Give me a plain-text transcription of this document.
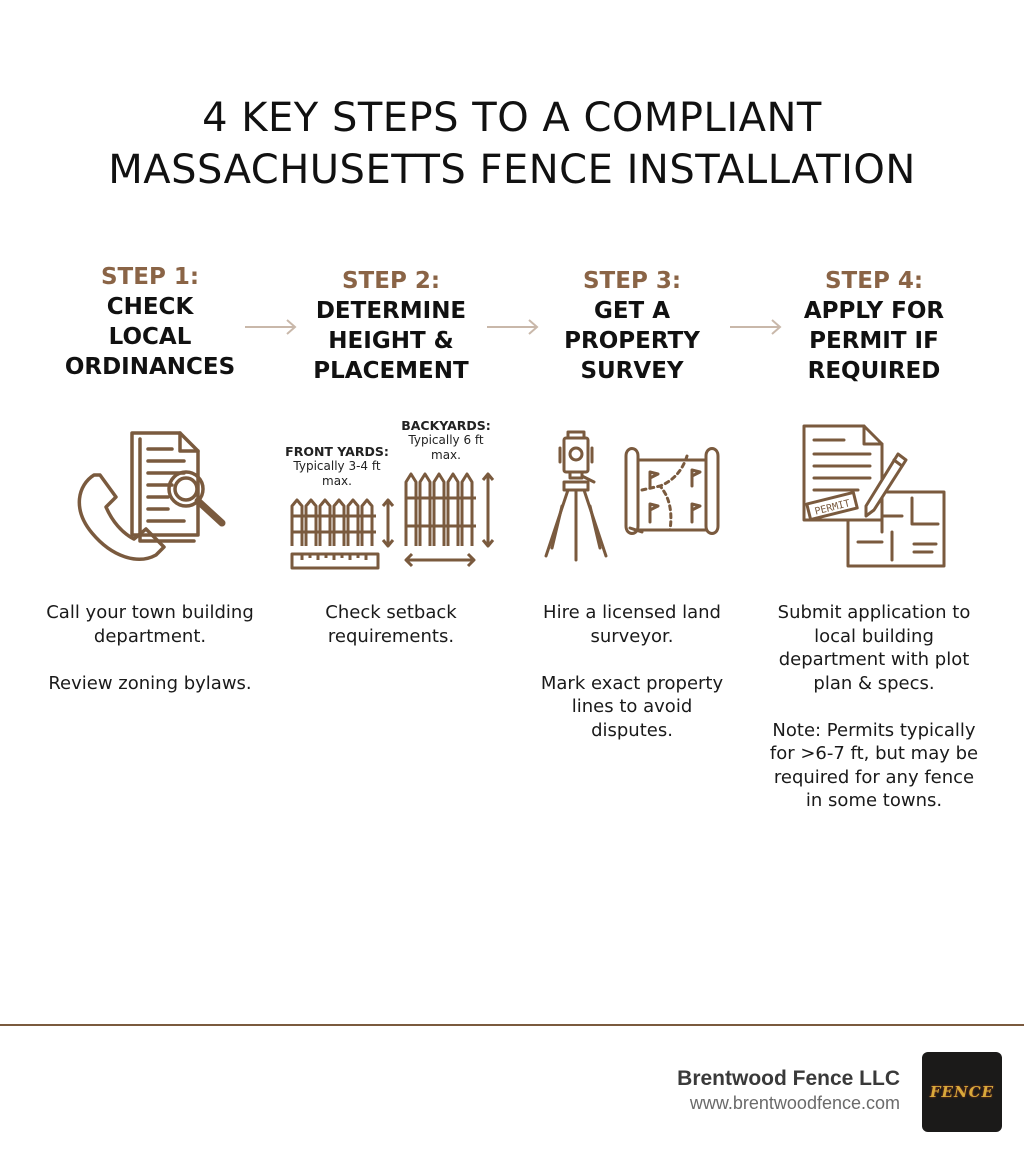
4 KEY STEPS TO A COMPLIANT
MASSACHUSETTS FENCE INSTALLATION
STEP 1:
CHECK
LOCAL
ORDINANCES
STEP 2:
DETERMINE
HEIGHT &
PLACEMENT
STEP 3:
GET A
PROPERTY
SURVEY
STEP 4:
APPLY FOR
PERMIT IF
REQUIRED
FRONT YARDS:
Typically 3-4 ft max.
BACKYARDS:
Typically 6 ft max.
PERMIT

Call your town building department.

Review zoning bylaws.

Check setback requirements.

Hire a licensed land surveyor.

Mark exact property lines to avoid disputes.

Submit application to local building department with plot plan & specs.

Note: Permits typically for >6-7 ft, but may be required for any fence in some towns.

Brentwood Fence LLC
www.brentwoodfence.com
FENCE
